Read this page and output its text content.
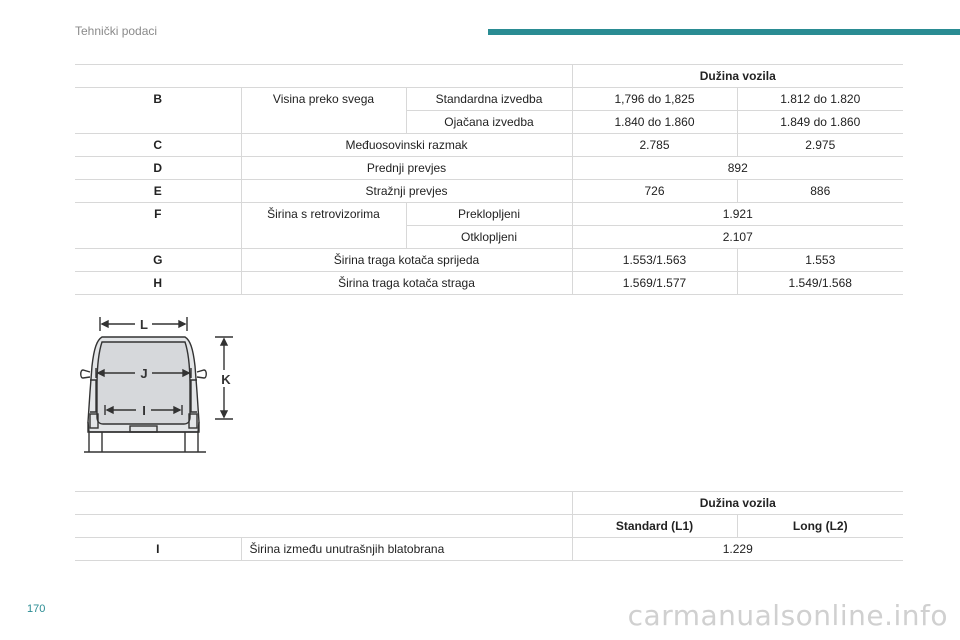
Tehnički podaci
			Dužina vozila	
B	Visina preko svega	Standardna izvedba	1,796 do 1,825	1.812 do 1.820
		Ojačana izvedba	1.840 do 1.860	1.849 do 1.860
C	Međuosovinski razmak		2.785	2.975
D	Prednji prevjes		892	
E	Stražnji prevjes		726	886
F	Širina s retrovizorima	Preklopljeni	1.921	
		Otklopljeni	2.107	
G	Širina traga kotača sprijeda		1.553/1.563	1.553
H	Širina traga kotača straga		1.569/1.577	1.549/1.568
L
J
I
K
		Dužina vozila	
		Standard (L1)	Long (L2)
I	Širina između unutrašnjih blatobrana	1.229	
170	carmanualsonline.info
